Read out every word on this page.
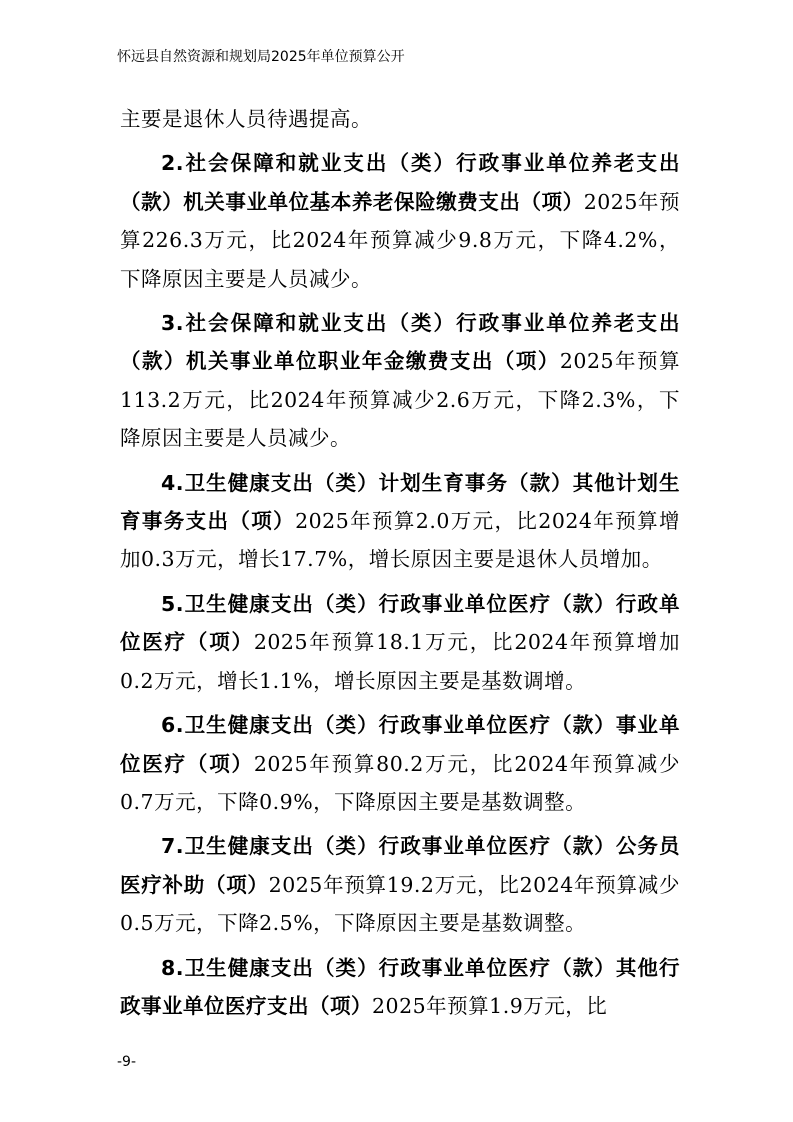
怀远县自然资源和规划局2025年单位预算公开

主要是退休人员待遇提高。

2.社会保障和就业支出（类）行政事业单位养老支出（款）机关事业单位基本养老保险缴费支出（项）2025年预算226.3万元，比2024年预算减少9.8万元，下降4.2%，下降原因主要是人员减少。

3.社会保障和就业支出（类）行政事业单位养老支出（款）机关事业单位职业年金缴费支出（项）2025年预算113.2万元，比2024年预算减少2.6万元，下降2.3%，下降原因主要是人员减少。

4.卫生健康支出（类）计划生育事务（款）其他计划生育事务支出（项）2025年预算2.0万元，比2024年预算增加0.3万元，增长17.7%，增长原因主要是退休人员增加。

5.卫生健康支出（类）行政事业单位医疗（款）行政单位医疗（项）2025年预算18.1万元，比2024年预算增加0.2万元，增长1.1%，增长原因主要是基数调增。

6.卫生健康支出（类）行政事业单位医疗（款）事业单位医疗（项）2025年预算80.2万元，比2024年预算减少0.7万元，下降0.9%，下降原因主要是基数调整。

7.卫生健康支出（类）行政事业单位医疗（款）公务员医疗补助（项）2025年预算19.2万元，比2024年预算减少0.5万元，下降2.5%，下降原因主要是基数调整。

8.卫生健康支出（类）行政事业单位医疗（款）其他行政事业单位医疗支出（项）2025年预算1.9万元，比

-9-
